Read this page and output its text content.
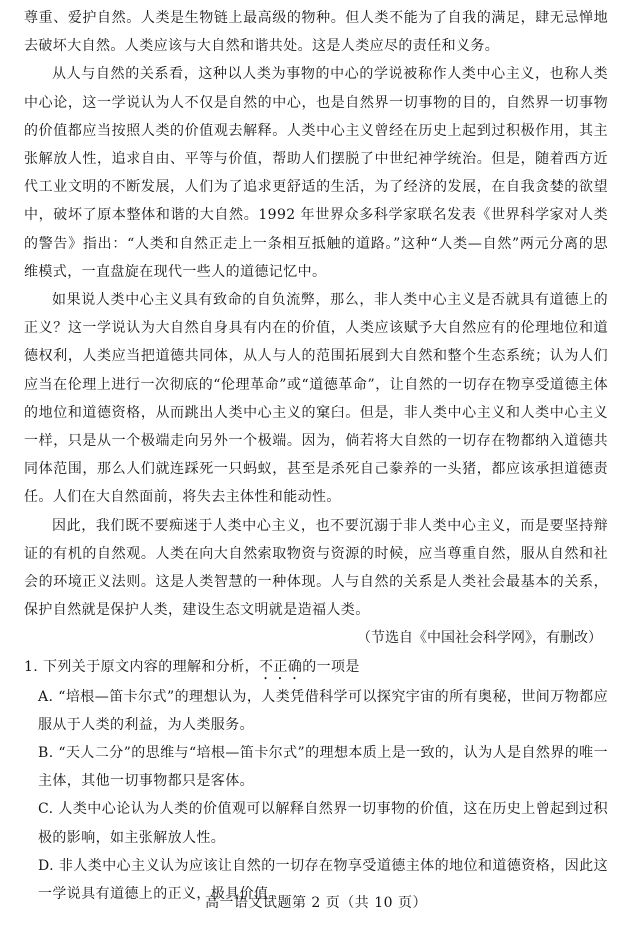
尊重、爱护自然。人类是生物链上最高级的物种。但人类不能为了自我的满足，肆无忌惮地去破坏大自然。人类应该与大自然和谐共处。这是人类应尽的责任和义务。

从人与自然的关系看，这种以人类为事物的中心的学说被称作人类中心主义，也称人类中心论，这一学说认为人不仅是自然的中心，也是自然界一切事物的目的，自然界一切事物的价值都应当按照人类的价值观去解释。人类中心主义曾经在历史上起到过积极作用，其主张解放人性，追求自由、平等与价值，帮助人们摆脱了中世纪神学统治。但是，随着西方近代工业文明的不断发展，人们为了追求更舒适的生活，为了经济的发展，在自我贪婪的欲望中，破坏了原本整体和谐的大自然。1992 年世界众多科学家联名发表《世界科学家对人类的警告》指出：“人类和自然正走上一条相互抵触的道路。”这种“人类—自然”两元分离的思维模式，一直盘旋在现代一些人的道德记忆中。

如果说人类中心主义具有致命的自负流弊，那么，非人类中心主义是否就具有道德上的正义？这一学说认为大自然自身具有内在的价值，人类应该赋予大自然应有的伦理地位和道德权利，人类应当把道德共同体，从人与人的范围拓展到大自然和整个生态系统；认为人们应当在伦理上进行一次彻底的“伦理革命”或“道德革命”，让自然的一切存在物享受道德主体的地位和道德资格，从而跳出人类中心主义的窠臼。但是，非人类中心主义和人类中心主义一样，只是从一个极端走向另外一个极端。因为，倘若将大自然的一切存在物都纳入道德共同体范围，那么人们就连踩死一只蚂蚁，甚至是杀死自己豢养的一头猪，都应该承担道德责任。人们在大自然面前，将失去主体性和能动性。

因此，我们既不要痴迷于人类中心主义，也不要沉溺于非人类中心主义，而是要坚持辩证的有机的自然观。人类在向大自然索取物资与资源的时候，应当尊重自然，服从自然和社会的环境正义法则。这是人类智慧的一种体现。人与自然的关系是人类社会最基本的关系，保护自然就是保护人类，建设生态文明就是造福人类。

（节选自《中国社会科学网》，有删改）

1. 下列关于原文内容的理解和分析，不正确的一项是

A. “培根—笛卡尔式”的理想认为，人类凭借科学可以探究宇宙的所有奥秘，世间万物都应服从于人类的利益，为人类服务。

B. “天人二分”的思维与“培根—笛卡尔式”的理想本质上是一致的，认为人是自然界的唯一主体，其他一切事物都只是客体。

C. 人类中心论认为人类的价值观可以解释自然界一切事物的价值，这在历史上曾起到过积极的影响，如主张解放人性。

D. 非人类中心主义认为应该让自然的一切存在物享受道德主体的地位和道德资格，因此这一学说具有道德上的正义，极具价值。

高一语文试题第 2 页（共 10 页）
